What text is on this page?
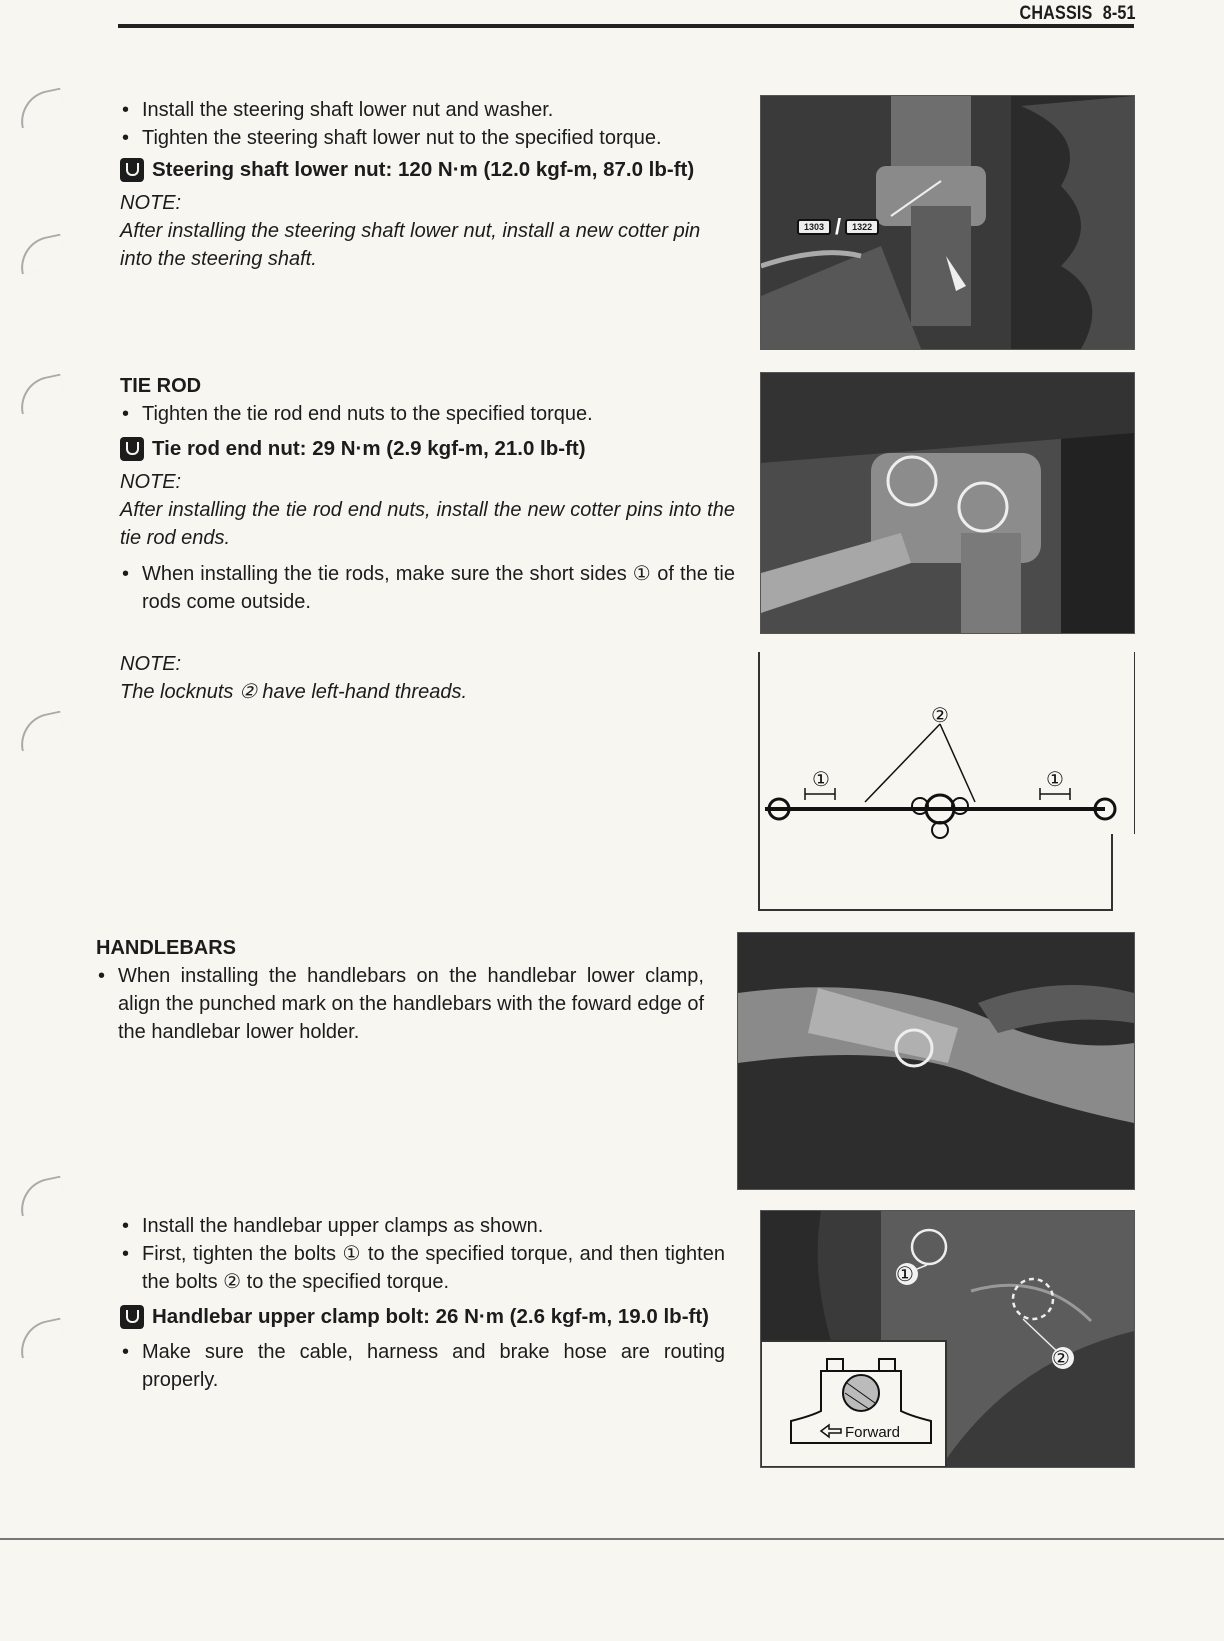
CHASSIS 8-51
• Install the steering shaft lower nut and washer.
• Tighten the steering shaft lower nut to the specified torque.
Steering shaft lower nut: 120 N·m (12.0 kgf-m, 87.0 lb-ft)
NOTE:
After installing the steering shaft lower nut, install a new cotter pin into the steering shaft.
1303 /	1322
TIE ROD
• Tighten the tie rod end nuts to the specified torque.
Tie rod end nut: 29 N·m (2.9 kgf-m, 21.0 lb-ft)
NOTE:
After installing the tie rod end nuts, install the new cotter pins into the tie rod ends.
• When installing the tie rods, make sure the short sides ① of the tie rods come outside.
NOTE:
The locknuts ② have left-hand threads.
②
①	①
HANDLEBARS
• When installing the handlebars on the handlebar lower clamp, align the punched mark on the handlebars with the foward edge of the handlebar lower holder.
• Install the handlebar upper clamps as shown.
• First, tighten the bolts ① to the specified torque, and then tighten the bolts ② to the specified torque.
Handlebar upper clamp bolt: 26 N·m (2.6 kgf-m, 19.0 lb-ft)
• Make sure the cable, harness and brake hose are routing properly.
①
②
Forward
